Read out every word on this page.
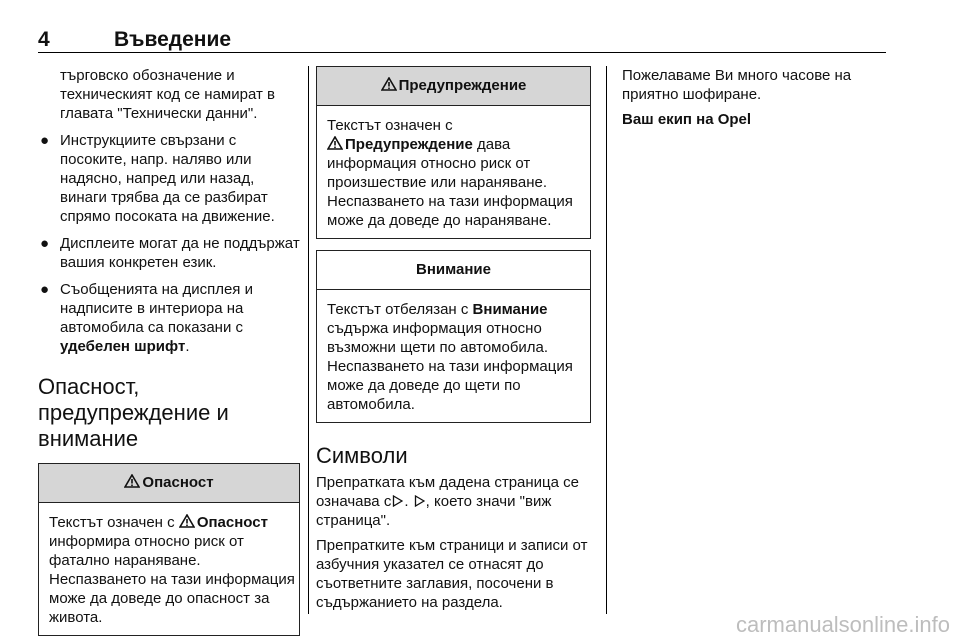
4	Въведение

търговско обозначение и техническият код се намират в главата "Технически данни".

● Инструкциите свързани с посоките, напр. наляво или надясно, напред или назад, винаги трябва да се разбират спрямо посоката на движение.
● Дисплеите могат да не поддържат вашия конкретен език.
● Съобщенията на дисплея и надписите в интериора на автомобила са показани с удебелен шрифт.
Опасност,
предупреждение и
внимание
Опасност
Текстът означен с Опасност информира относно риск от фатално нараняване. Неспазването на тази информация може да доведе до опасност за живота.
Предупреждение
Текстът означен с
Предупреждение дава информация относно риск от произшествие или нараняване. Неспазването на тази информация може да доведе до нараняване.
Внимание
Текстът отбелязан с Внимание съдържа информация относно възможни щети по автомобила. Неспазването на тази информация може да доведе до щети по автомобила.
Символи

Препратката към дадена страница се означава с . , което значи "виж страница".

Препратките към страници и записи от азбучния указател се отнасят до съответните заглавия, посочени в съдържанието на раздела.

Пожелаваме Ви много часове на приятно шофиране.

Ваш екип на Opel

carmanualsonline.info
